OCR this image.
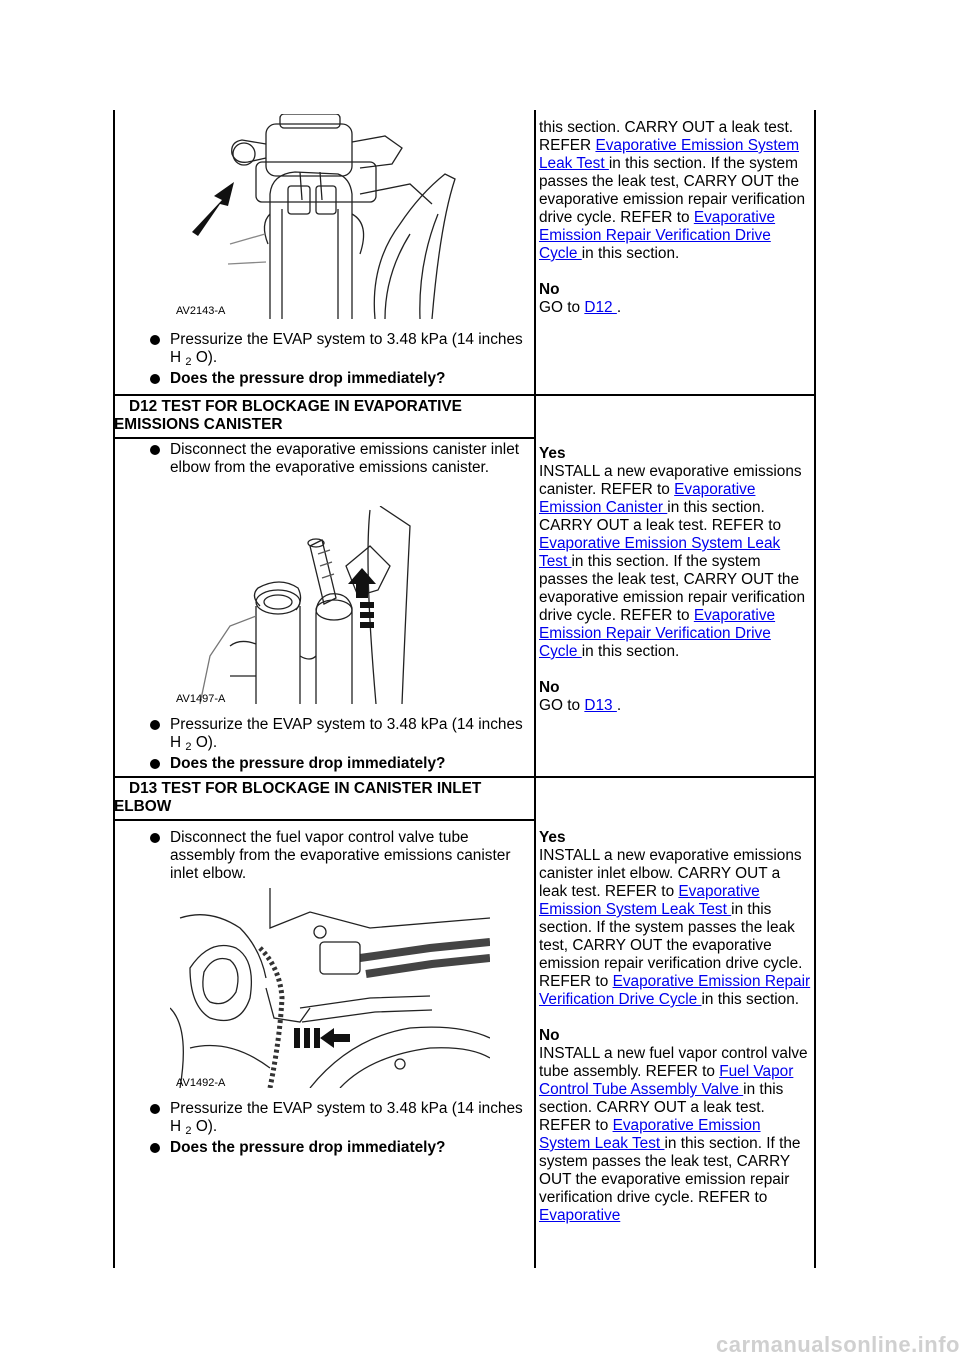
AV2143-A
Pressurize the EVAP system to 3.48 kPa (14 inches H $_2$ O).
Does the pressure drop immediately?
this section. CARRY OUT a leak test. REFER Evaporative Emission System Leak Test in this section. If the system passes the leak test, CARRY OUT the evaporative emission repair verification drive cycle. REFER to Evaporative Emission Repair Verification Drive Cycle in this section.

No
GO to D12 .
D12 TEST FOR BLOCKAGE IN EVAPORATIVE EMISSIONS CANISTER
Disconnect the evaporative emissions canister inlet elbow from the evaporative emissions canister.
AV1497-A
Pressurize the EVAP system to 3.48 kPa (14 inches H $_2$ O).
Does the pressure drop immediately?
Yes
INSTALL a new evaporative emissions canister. REFER to Evaporative Emission Canister in this section. CARRY OUT a leak test. REFER to Evaporative Emission System Leak Test in this section. If the system passes the leak test, CARRY OUT the evaporative emission repair verification drive cycle. REFER to Evaporative Emission Repair Verification Drive Cycle in this section.

No
GO to D13 .
D13 TEST FOR BLOCKAGE IN CANISTER INLET ELBOW
Disconnect the fuel vapor control valve tube assembly from the evaporative emissions canister inlet elbow.
AV1492-A
Pressurize the EVAP system to 3.48 kPa (14 inches H $_2$ O).
Does the pressure drop immediately?
Yes
INSTALL a new evaporative emissions canister inlet elbow. CARRY OUT a leak test. REFER to Evaporative Emission System Leak Test in this section. If the system passes the leak test, CARRY OUT the evaporative emission repair verification drive cycle. REFER to Evaporative Emission Repair Verification Drive Cycle in this section.

No
INSTALL a new fuel vapor control valve tube assembly. REFER to Fuel Vapor Control Tube Assembly Valve in this section. CARRY OUT a leak test. REFER to Evaporative Emission System Leak Test in this section. If the system passes the leak test, CARRY OUT the evaporative emission repair verification drive cycle. REFER to Evaporative
carmanualsonline.info
